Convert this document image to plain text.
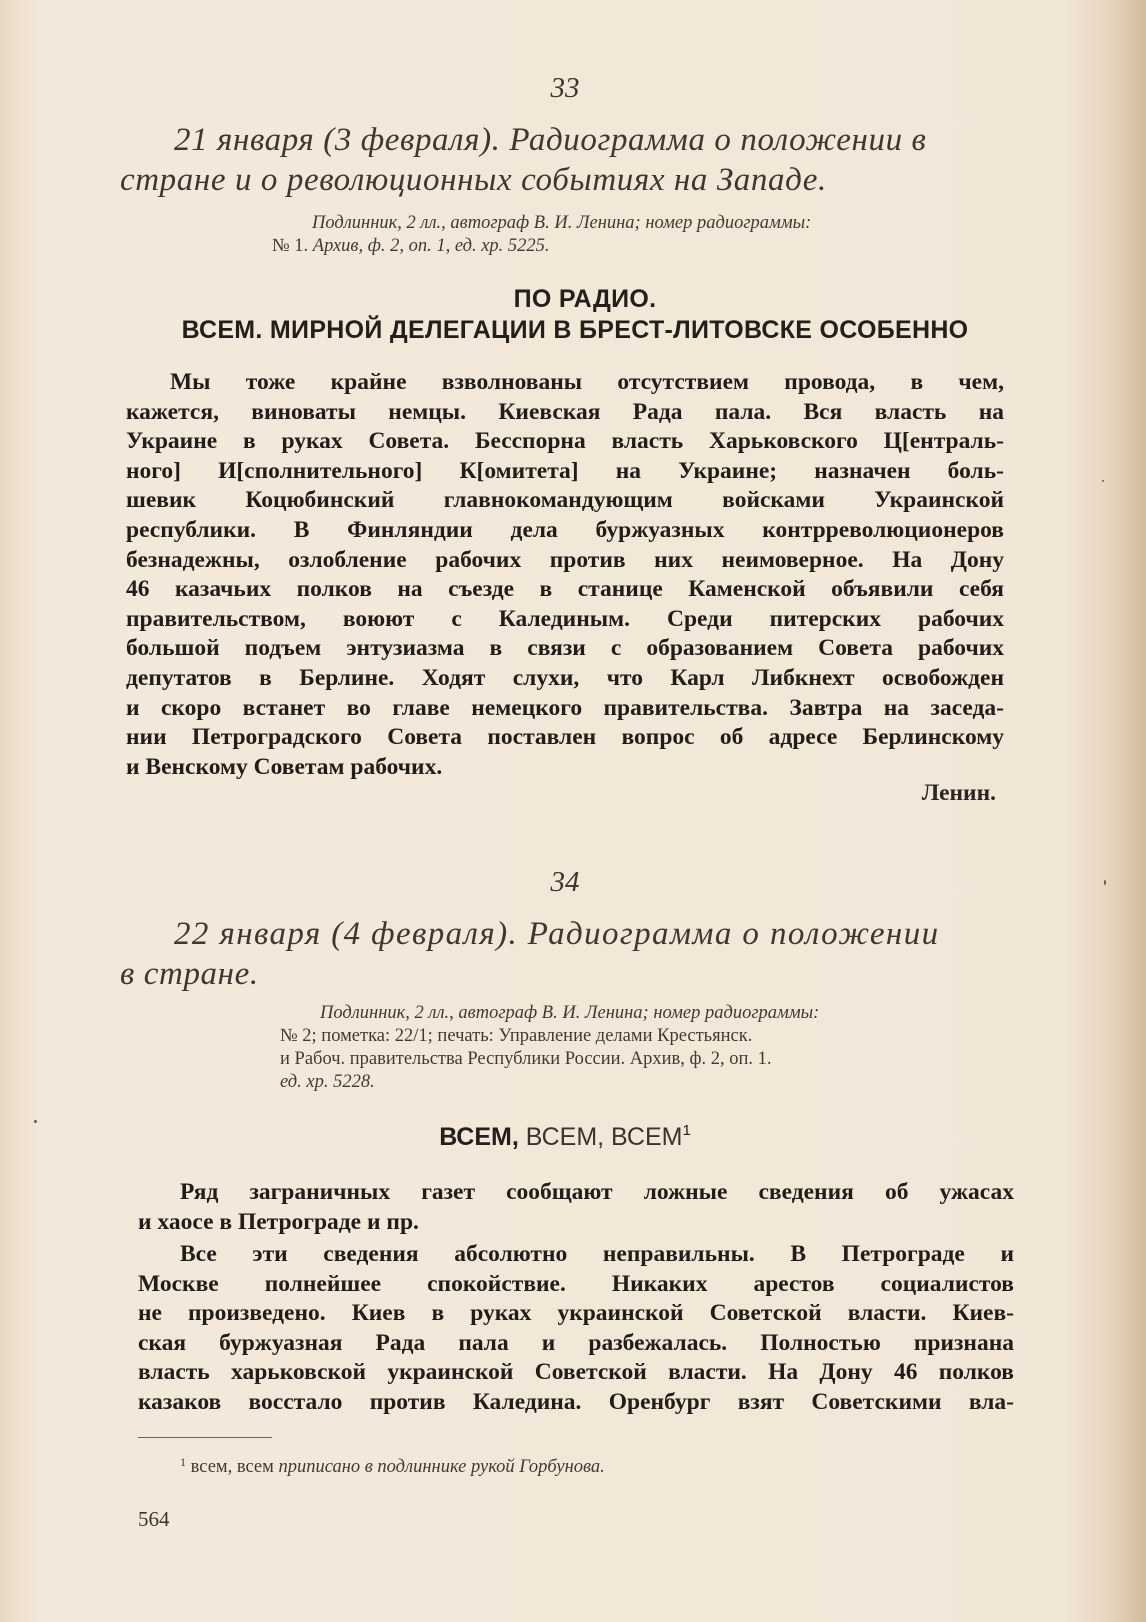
33
21 января (3 февраля). Радиограмма о положении в
стране и о революционных событиях на Западе.
Подлинник, 2 лл., автограф В. И. Ленина; номер радиограммы:
№ 1. Архив, ф. 2, оп. 1, ед. хр. 5225.
ПО РАДИО.
ВСЕМ. МИРНОЙ ДЕЛЕГАЦИИ В БРЕСТ-ЛИТОВСКЕ ОСОБЕННО
Мы тоже крайне взволнованы отсутствием провода, в чем,
кажется, виноваты немцы. Киевская Рада пала. Вся власть на
Украине в руках Совета. Бесспорна власть Харьковского Ц[ентраль-
ного] И[сполнительного] К[омитета] на Украине; назначен боль-
шевик Коцюбинский главнокомандующим войсками Украинской
республики. В Финляндии дела буржуазных контрреволюционеров
безнадежны, озлобление рабочих против них неимоверное. На Дону
46 казачьих полков на съезде в станице Каменской объявили себя
правительством, воюют с Калединым. Среди питерских рабочих
большой подъем энтузиазма в связи с образованием Совета рабочих
депутатов в Берлине. Ходят слухи, что Карл Либкнехт освобожден
и скоро встанет во главе немецкого правительства. Завтра на заседа-
нии Петроградского Совета поставлен вопрос об адресе Берлинскому
и Венскому Советам рабочих.
Ленин.
34
22 января (4 февраля). Радиограмма о положении
в стране.
Подлинник, 2 лл., автограф В. И. Ленина; номер радиограммы:
№ 2; пометка: 22/1; печать: Управление делами Крестьянск.
и Рабоч. правительства Республики России. Архив, ф. 2, оп. 1.
ед. хр. 5228.
ВСЕМ, ВСЕМ, ВСЕМ$^1$
Ряд заграничных газет сообщают ложные сведения об ужасах
и хаосе в Петрограде и пр.
Все эти сведения абсолютно неправильны. В Петрограде и
Москве полнейшее спокойствие. Никаких арестов социалистов
не произведено. Киев в руках украинской Советской власти. Киев-
ская буржуазная Рада пала и разбежалась. Полностью признана
власть харьковской украинской Советской власти. На Дону 46 полков
казаков восстало против Каледина. Оренбург взят Советскими вла-
$^1$ всем, всем приписано в подлиннике рукой Горбунова.
564
